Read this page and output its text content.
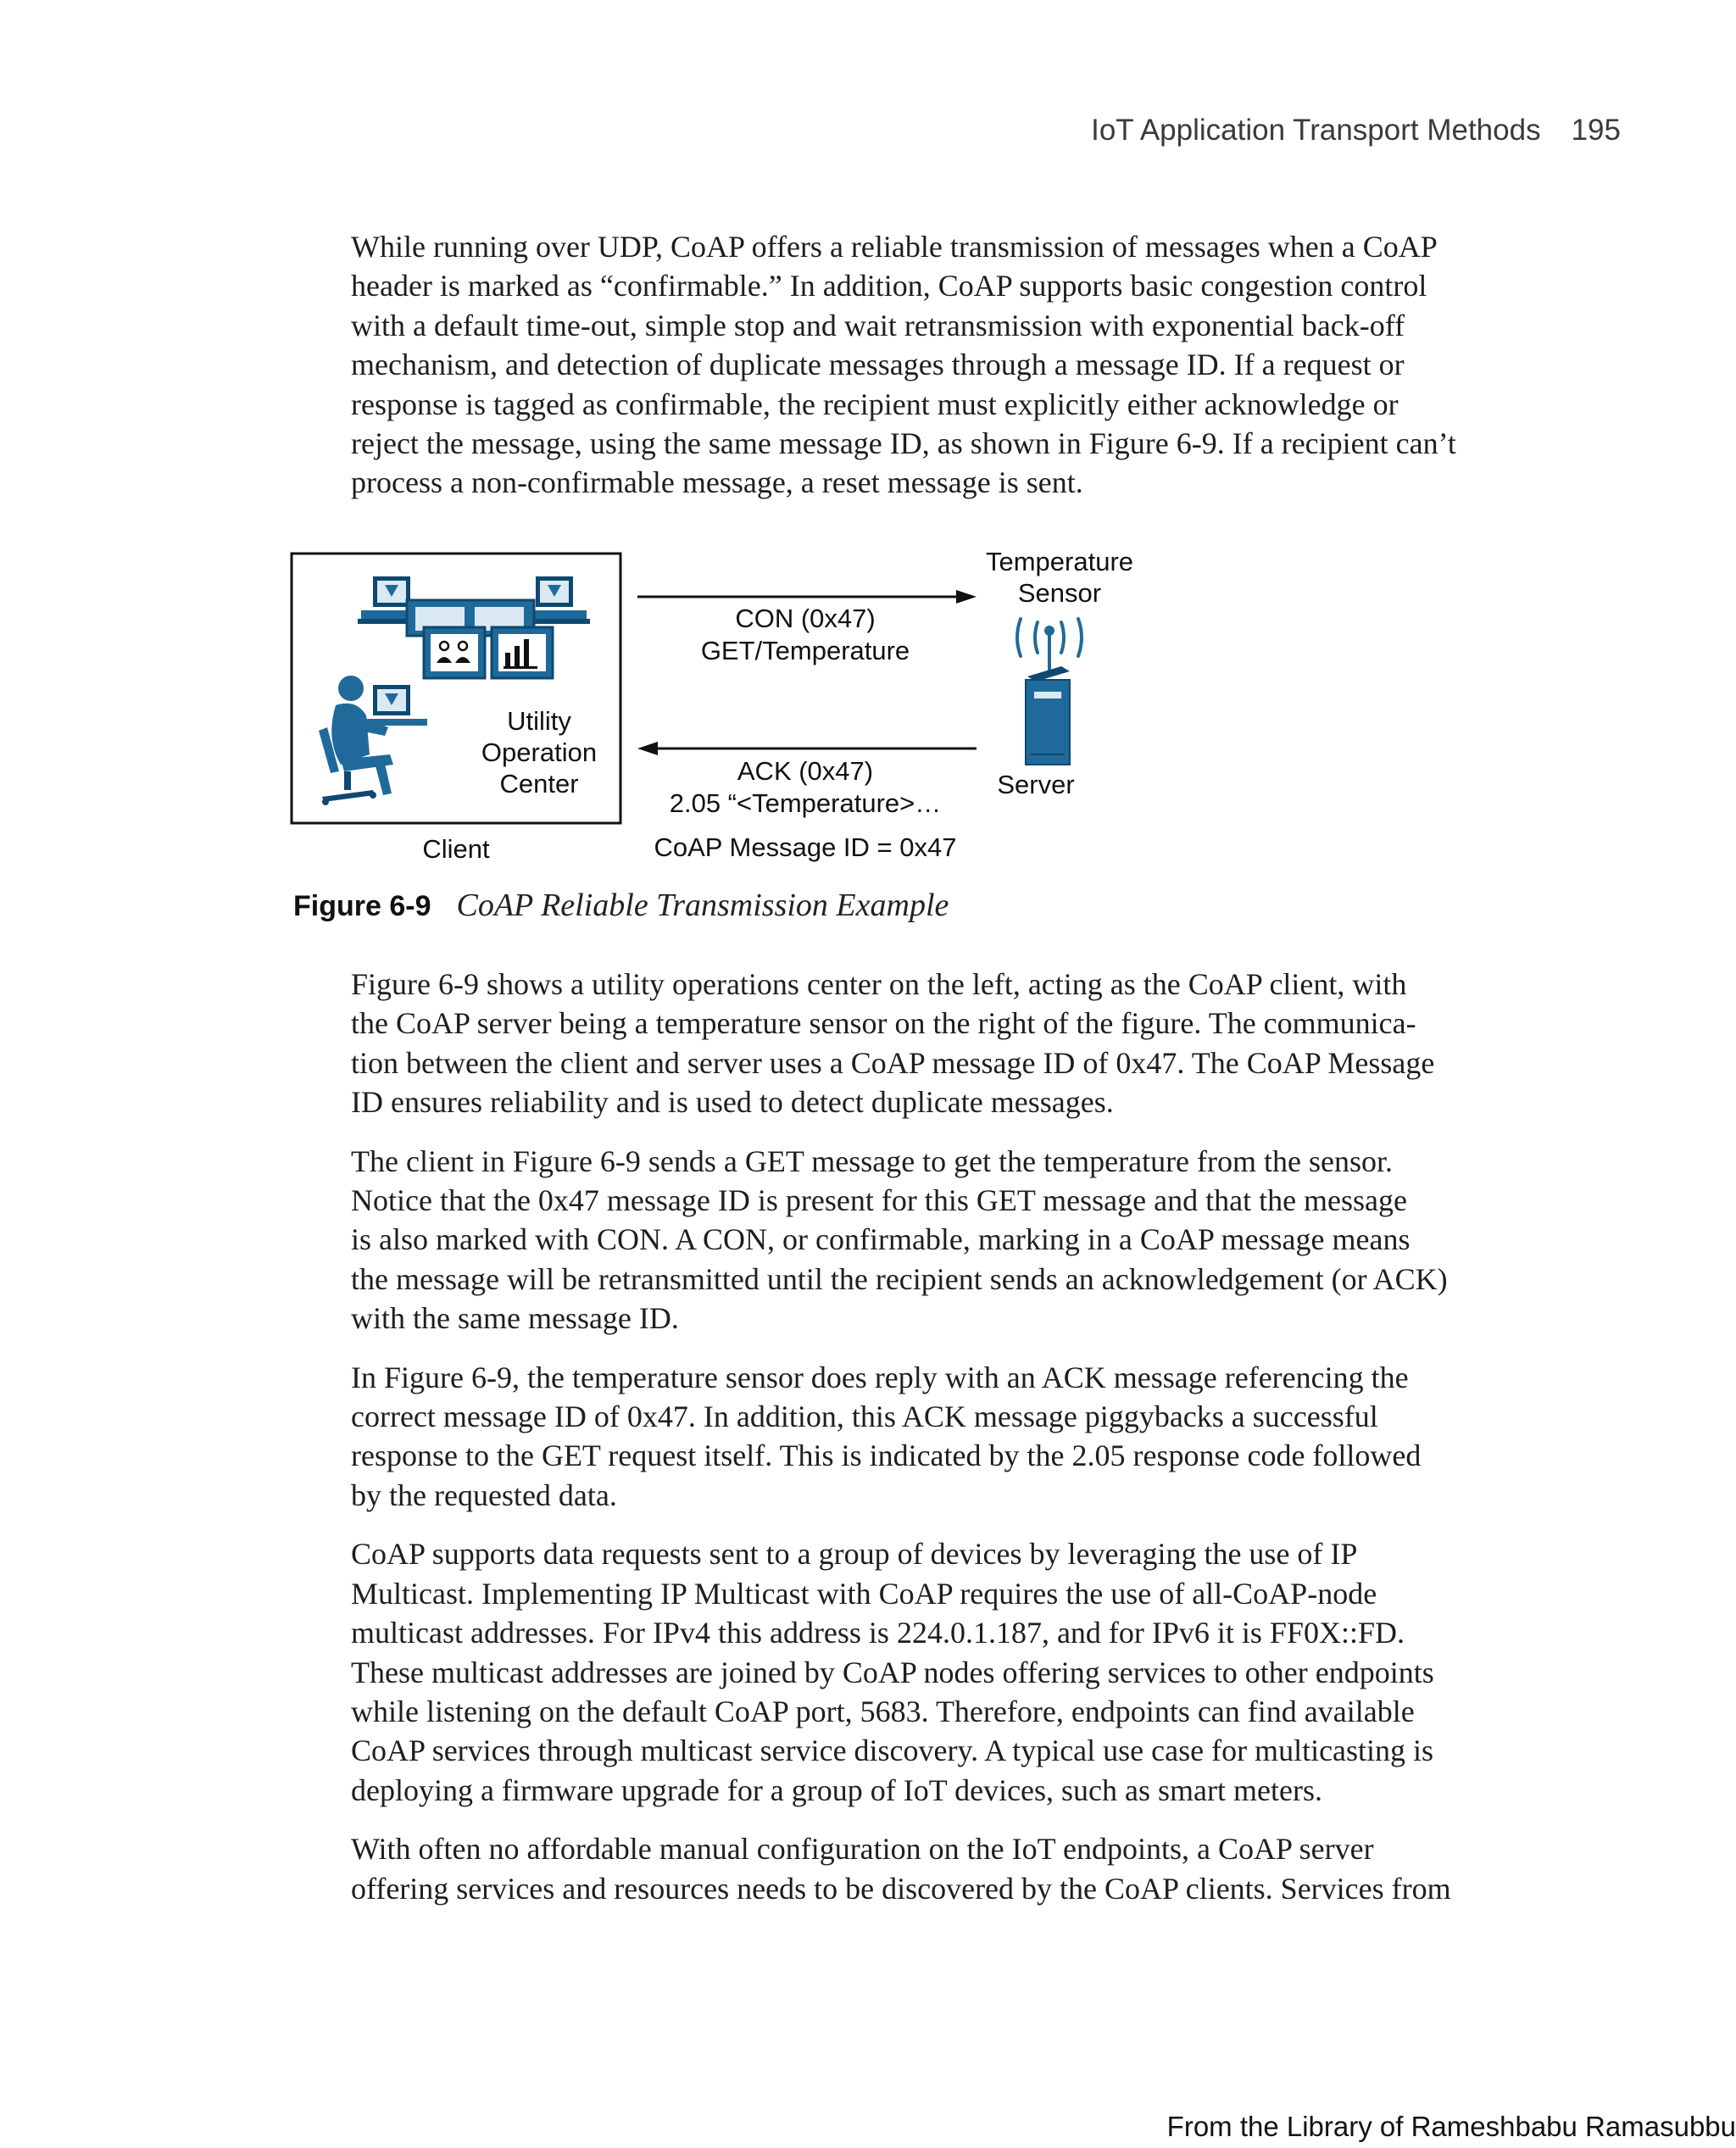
IoT Application Transport Methods 195

While running over UDP, CoAP offers a reliable transmission of messages when a CoAP
header is marked as “confirmable.” In addition, CoAP supports basic congestion control
with a default time-out, simple stop and wait retransmission with exponential back-off
mechanism, and detection of duplicate messages through a message ID. If a request or
response is tagged as confirmable, the recipient must explicitly either acknowledge or
reject the message, using the same message ID, as shown in Figure 6-9. If a recipient can’t
process a non-confirmable message, a reset message is sent.

Utility
Operation
Center
Client
CON (0x47)
GET/Temperature
ACK (0x47)
2.05 “<Temperature>…
CoAP Message ID = 0x47
Temperature
Sensor
Server
Figure 6-9 CoAP Reliable Transmission Example

Figure 6-9 shows a utility operations center on the left, acting as the CoAP client, with
the CoAP server being a temperature sensor on the right of the figure. The communica-
tion between the client and server uses a CoAP message ID of 0x47. The CoAP Message
ID ensures reliability and is used to detect duplicate messages.

The client in Figure 6-9 sends a GET message to get the temperature from the sensor.
Notice that the 0x47 message ID is present for this GET message and that the message
is also marked with CON. A CON, or confirmable, marking in a CoAP message means
the message will be retransmitted until the recipient sends an acknowledgement (or ACK)
with the same message ID.

In Figure 6-9, the temperature sensor does reply with an ACK message referencing the
correct message ID of 0x47. In addition, this ACK message piggybacks a successful
response to the GET request itself. This is indicated by the 2.05 response code followed
by the requested data.

CoAP supports data requests sent to a group of devices by leveraging the use of IP
Multicast. Implementing IP Multicast with CoAP requires the use of all-CoAP-node
multicast addresses. For IPv4 this address is 224.0.1.187, and for IPv6 it is FF0X::FD.
These multicast addresses are joined by CoAP nodes offering services to other endpoints
while listening on the default CoAP port, 5683. Therefore, endpoints can find available
CoAP services through multicast service discovery. A typical use case for multicasting is
deploying a firmware upgrade for a group of IoT devices, such as smart meters.

With often no affordable manual configuration on the IoT endpoints, a CoAP server
offering services and resources needs to be discovered by the CoAP clients. Services from

From the Library of Rameshbabu Ramasubbu
